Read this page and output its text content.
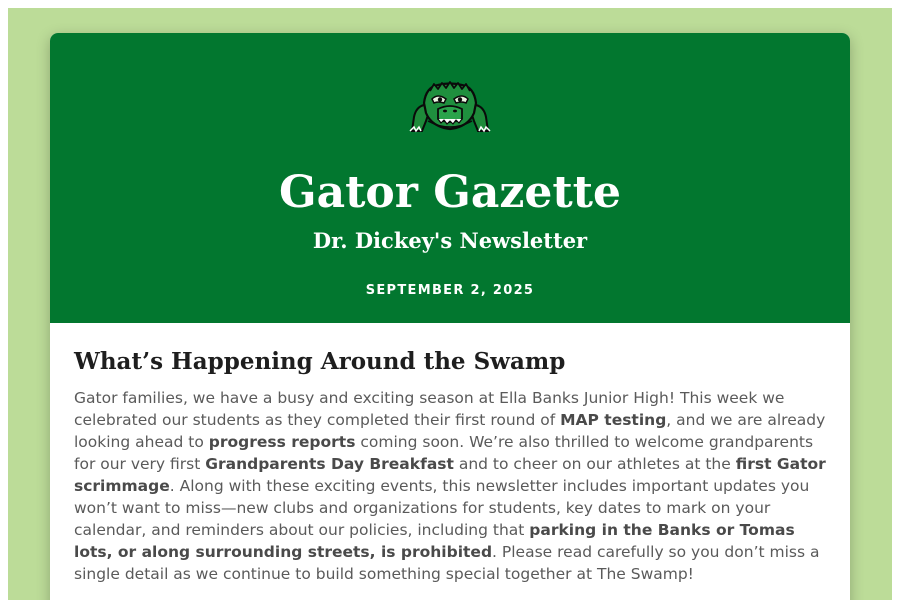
Gator Gazette
Dr. Dickey's Newsletter
SEPTEMBER 2, 2025
What’s Happening Around the Swamp

Gator families, we have a busy and exciting season at Ella Banks Junior High! This week we celebrated our students as they completed their first round of MAP testing, and we are already looking ahead to progress reports coming soon. We’re also thrilled to welcome grandparents for our very first Grandparents Day Breakfast and to cheer on our athletes at the first Gator scrimmage. Along with these exciting events, this newsletter includes important updates you won’t want to miss—new clubs and organizations for students, key dates to mark on your calendar, and reminders about our policies, including that parking in the Banks or Tomas lots, or along surrounding streets, is prohibited. Please read carefully so you don’t miss a single detail as we continue to build something special together at The Swamp!
